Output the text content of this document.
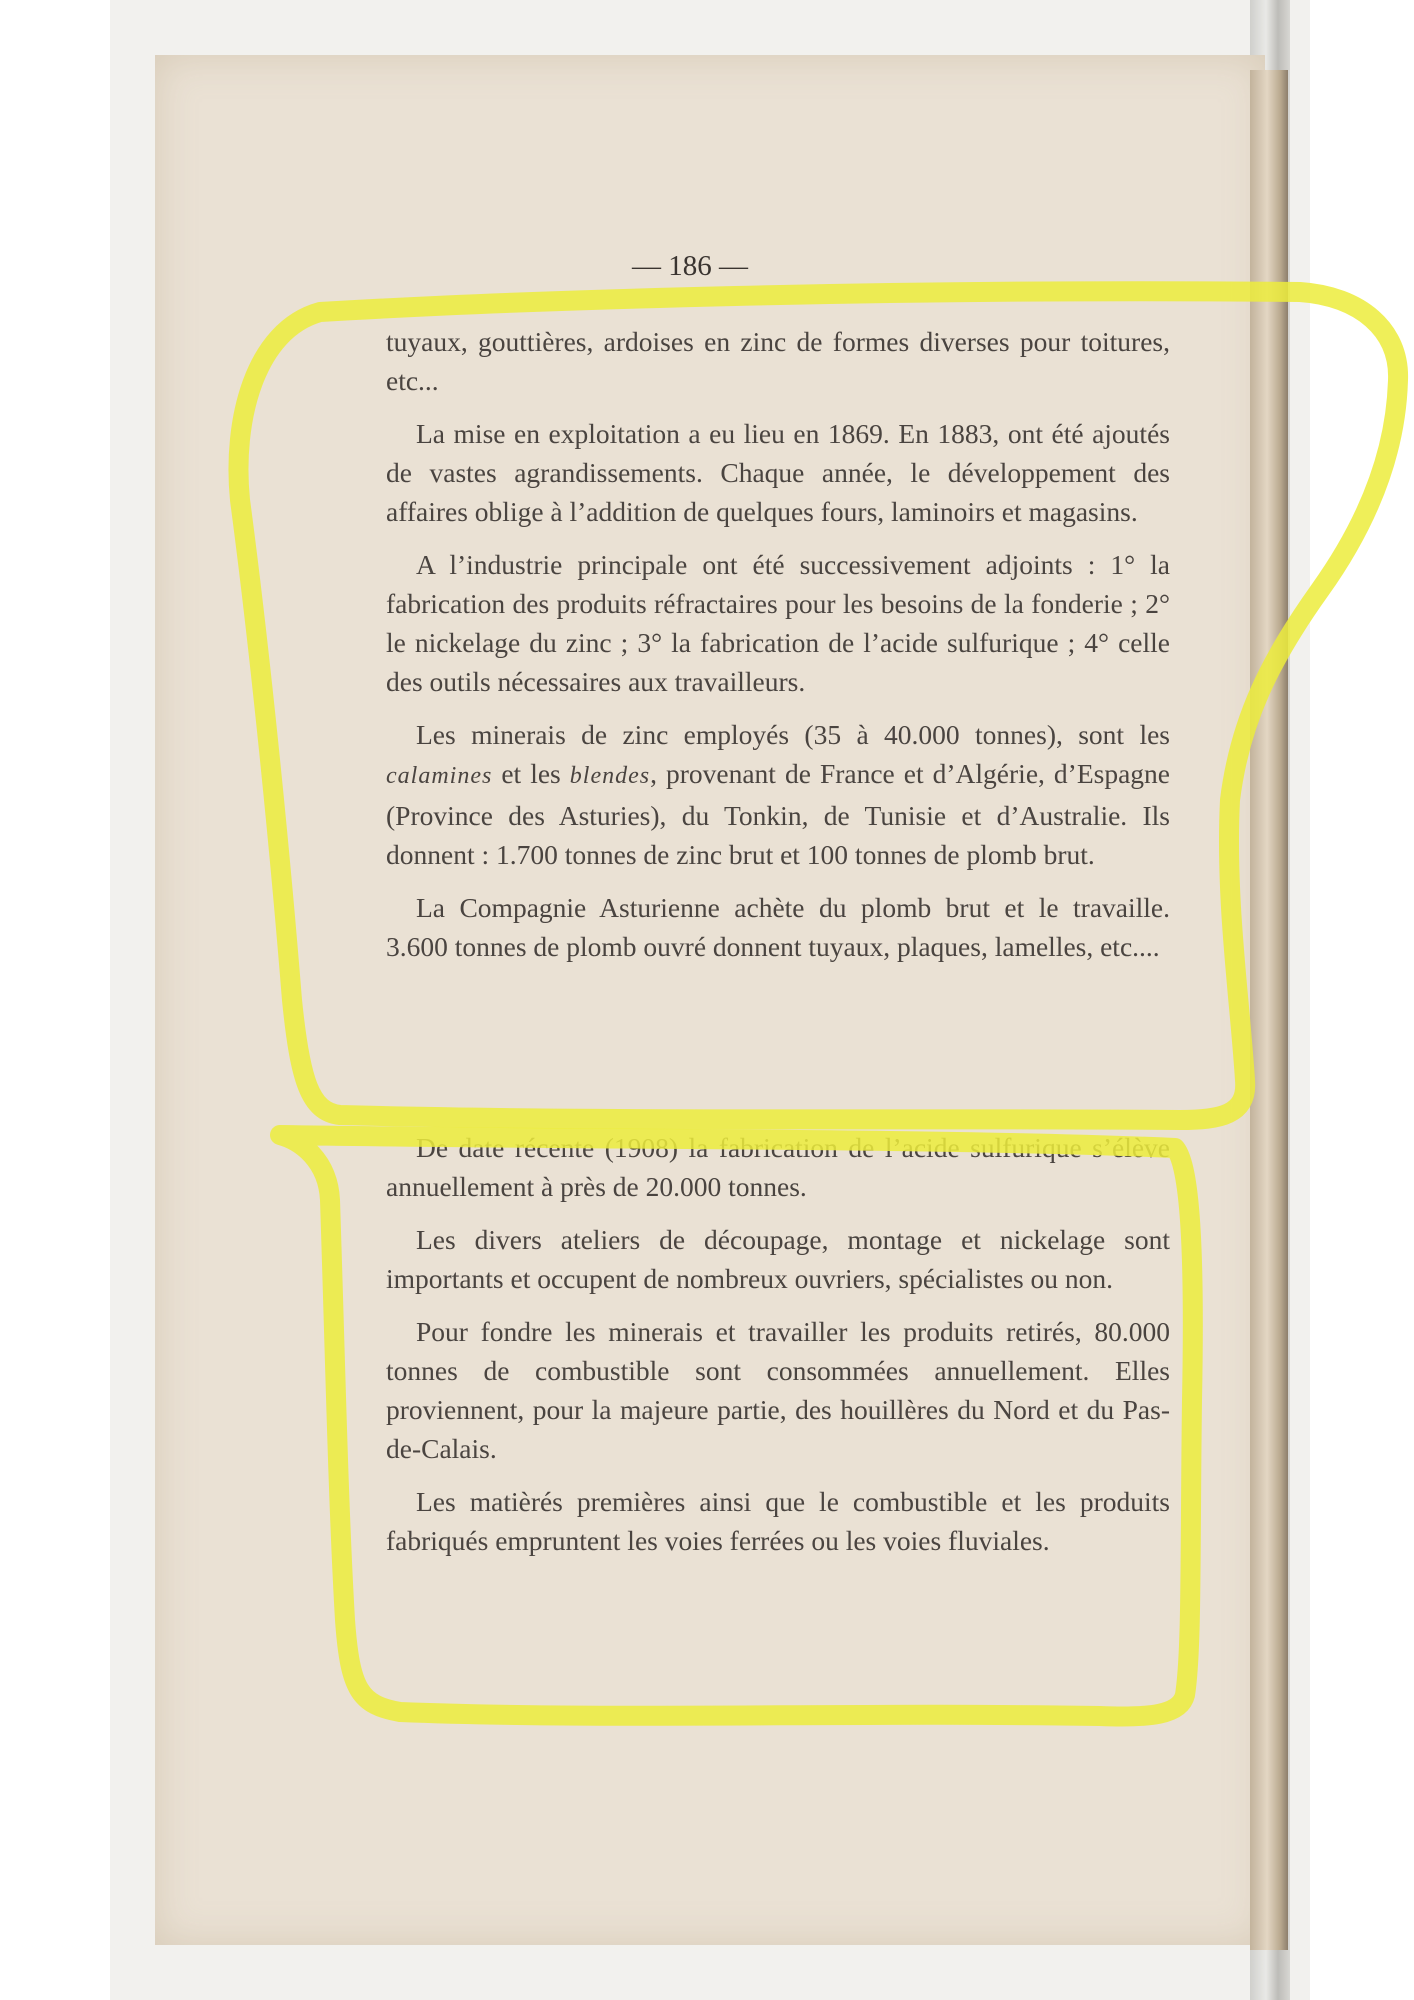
— 186 —

tuyaux, gouttières, ardoises en zinc de formes diverses pour toitures, etc...

La mise en exploitation a eu lieu en 1869. En 1883, ont été ajoutés de vastes agrandissements. Chaque année, le développement des affaires oblige à l’addition de quelques fours, laminoirs et magasins.

A l’industrie principale ont été successivement adjoints : 1° la fabrication des produits réfractaires pour les besoins de la fonderie ; 2° le nickelage du zinc ; 3° la fabrication de l’acide sulfurique ; 4° celle des outils nécessaires aux travailleurs.

Les minerais de zinc employés (35 à 40.000 tonnes), sont les calamines et les blendes, provenant de France et d’Algérie, d’Espagne (Province des Asturies), du Tonkin, de Tunisie et d’Australie. Ils donnent : 1.700 tonnes de zinc brut et 100 tonnes de plomb brut.

La Compagnie Asturienne achète du plomb brut et le travaille. 3.600 tonnes de plomb ouvré donnent tuyaux, plaques, lamelles, etc....

De date récente (1908) la fabrication de l’acide sulfurique s’élève annuellement à près de 20.000 tonnes.

Les divers ateliers de découpage, montage et nickelage sont importants et occupent de nombreux ouvriers, spécialistes ou non.

Pour fondre les minerais et travailler les produits retirés, 80.000 tonnes de combustible sont consommées annuellement. Elles proviennent, pour la majeure partie, des houillères du Nord et du Pas-de-Calais.

Les matièrés premières ainsi que le combustible et les produits fabriqués empruntent les voies ferrées ou les voies fluviales.
